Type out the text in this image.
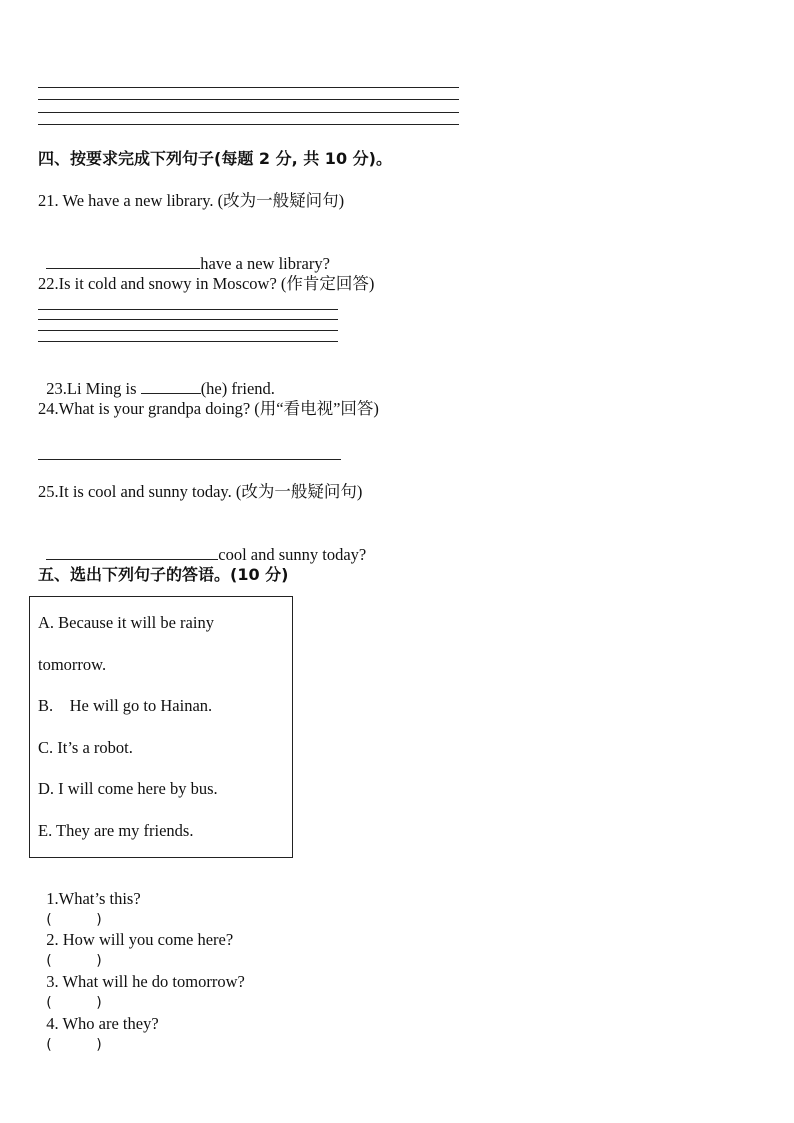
四、按要求完成下列句子(每题 2 分, 共 10 分)。
21. We have a new library. (改为一般疑问句)

have a new library?

22.Is it cold and snowy in Moscow? (作肯定回答)

23.Li Ming is	(he) friend.

24.What is your grandpa doing? (用“看电视”回答)
25.It is cool and sunny today. (改为一般疑问句)

cool and sunny today?

五、选出下列句子的答语。(10 分)
A. Because it will be rainy
tomorrow.
B.    He will go to Hainan.
C. It’s a robot.
D. I will come here by bus.
E. They are my friends.

1.What’s this?
(          )

2. How will you come here?
(          )

3. What will he do tomorrow?
(          )

4. Who are they?
(          )
